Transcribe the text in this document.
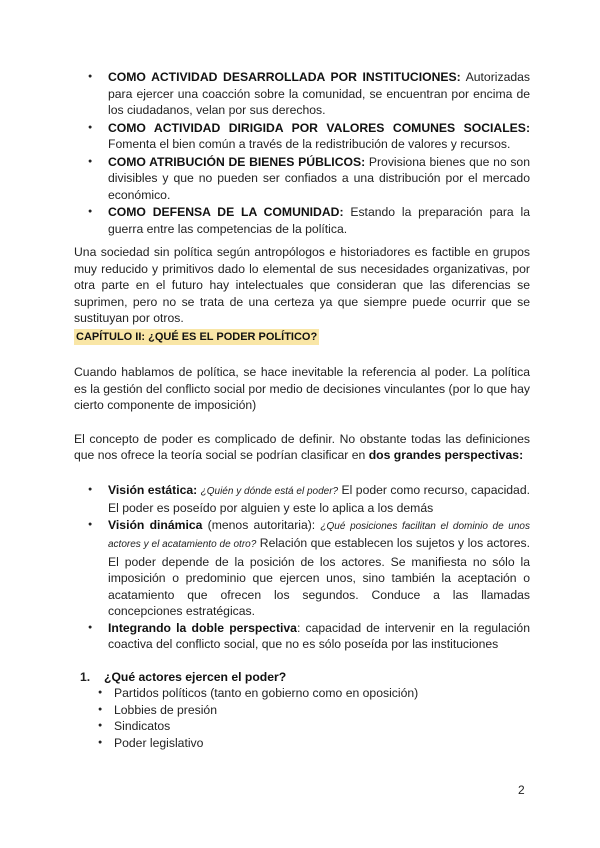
● COMO ACTIVIDAD DESARROLLADA POR INSTITUCIONES: Autorizadas para ejercer una coacción sobre la comunidad, se encuentran por encima de los ciudadanos, velan por sus derechos.
● COMO ACTIVIDAD DIRIGIDA POR VALORES COMUNES SOCIALES: Fomenta el bien común a través de la redistribución de valores y recursos.
● COMO ATRIBUCIÓN DE BIENES PÚBLICOS: Provisiona bienes que no son divisibles y que no pueden ser confiados a una distribución por el mercado económico.
● COMO DEFENSA DE LA COMUNIDAD: Estando la preparación para la guerra entre las competencias de la política.

Una sociedad sin política según antropólogos e historiadores es factible en grupos muy reducido y primitivos dado lo elemental de sus necesidades organizativas, por otra parte en el futuro hay intelectuales que consideran que las diferencias se suprimen, pero no se trata de una certeza ya que siempre puede ocurrir que se sustituyan por otros.

CAPÍTULO II: ¿QUÉ ES EL PODER POLÍTICO?

Cuando hablamos de política, se hace inevitable la referencia al poder. La política es la gestión del conflicto social por medio de decisiones vinculantes (por lo que hay cierto componente de imposición)

El concepto de poder es complicado de definir. No obstante todas las definiciones que nos ofrece la teoría social se podrían clasificar en dos grandes perspectivas:

● Visión estática: ¿Quién y dónde está el poder? El poder como recurso, capacidad. El poder es poseído por alguien y este lo aplica a los demás
● Visión dinámica (menos autoritaria): ¿Qué posiciones facilitan el dominio de unos actores y el acatamiento de otro? Relación que establecen los sujetos y los actores. El poder depende de la posición de los actores. Se manifiesta no sólo la imposición o predominio que ejercen unos, sino también la aceptación o acatamiento que ofrecen los segundos. Conduce a las llamadas concepciones estratégicas.
● Integrando la doble perspectiva: capacidad de intervenir en la regulación coactiva del conflicto social, que no es sólo poseída por las instituciones
1. ¿Qué actores ejercen el poder?
● Partidos políticos (tanto en gobierno como en oposición)
● Lobbies de presión
● Sindicatos
● Poder legislativo
2
